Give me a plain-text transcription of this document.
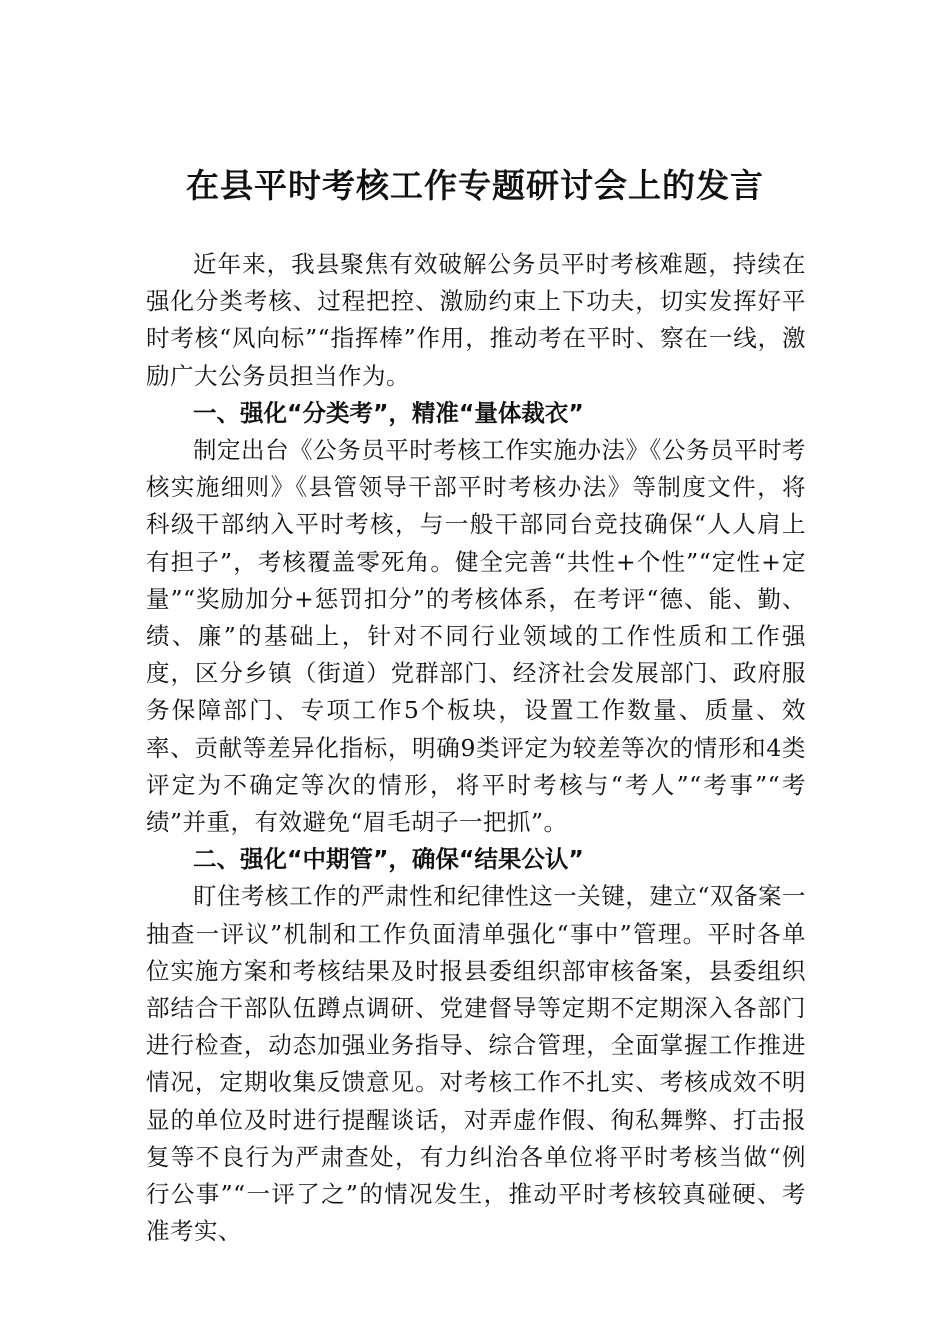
在县平时考核工作专题研讨会上的发言

近年来，我县聚焦有效破解公务员平时考核难题，持续在强化分类考核、过程把控、激励约束上下功夫，切实发挥好平时考核“风向标”“指挥棒”作用，推动考在平时、察在一线，激励广大公务员担当作为。

一、强化“分类考”，精准“量体裁衣”

制定出台《公务员平时考核工作实施办法》《公务员平时考核实施细则》《县管领导干部平时考核办法》等制度文件，将科级干部纳入平时考核，与一般干部同台竞技确保“人人肩上有担子”，考核覆盖零死角。健全完善“共性+个性”“定性+定量”“奖励加分+惩罚扣分”的考核体系，在考评“德、能、勤、绩、廉”的基础上，针对不同行业领域的工作性质和工作强度，区分乡镇（街道）党群部门、经济社会发展部门、政府服务保障部门、专项工作5个板块，设置工作数量、质量、效率、贡献等差异化指标，明确9类评定为较差等次的情形和4类评定为不确定等次的情形，将平时考核与“考人”“考事”“考绩”并重，有效避免“眉毛胡子一把抓”。

二、强化“中期管”，确保“结果公认”

盯住考核工作的严肃性和纪律性这一关键，建立“双备案一抽查一评议”机制和工作负面清单强化“事中”管理。平时各单位实施方案和考核结果及时报县委组织部审核备案，县委组织部结合干部队伍蹲点调研、党建督导等定期不定期深入各部门进行检查，动态加强业务指导、综合管理，全面掌握工作推进情况，定期收集反馈意见。对考核工作不扎实、考核成效不明显的单位及时进行提醒谈话，对弄虚作假、徇私舞弊、打击报复等不良行为严肃查处，有力纠治各单位将平时考核当做“例行公事”“一评了之”的情况发生，推动平时考核较真碰硬、考准考实、
